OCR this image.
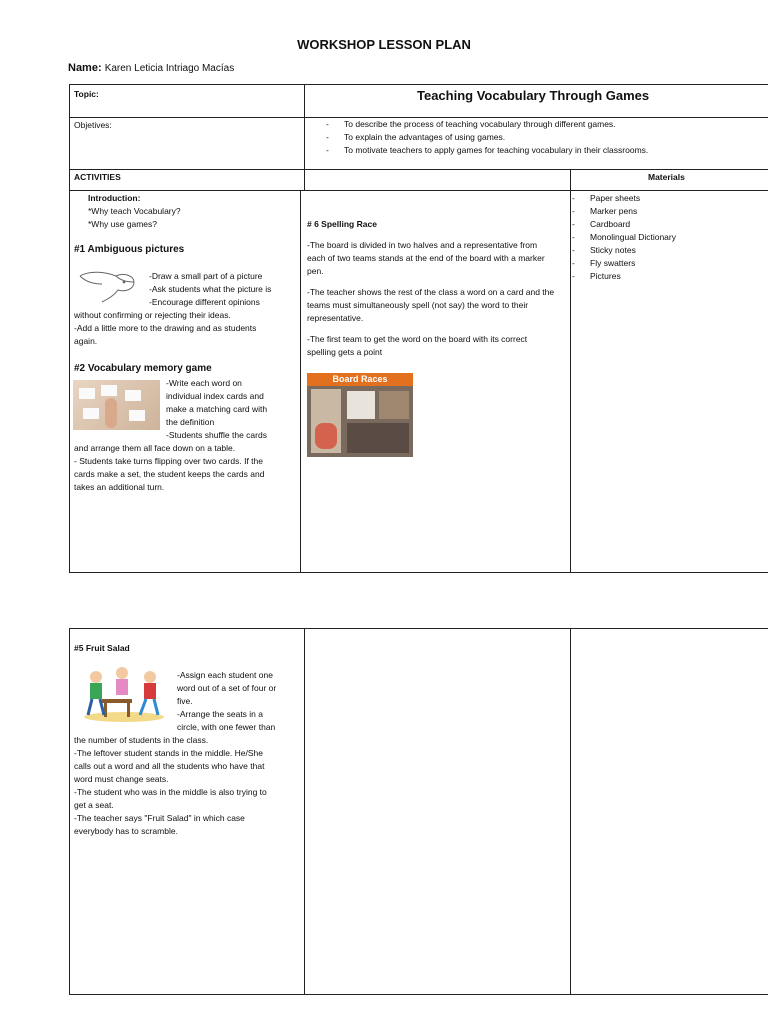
WORKSHOP LESSON PLAN
Name: Karen Leticia Intriago Macías
Topic:	Teaching Vocabulary Through Games
Objetives:
-	To describe the process of teaching vocabulary through different games.
- To explain the advantages of using games.
- To motivate teachers to apply games for teaching vocabulary in their classrooms.
ACTIVITIES	Materials
Introduction:
*Why teach Vocabulary?
*Why use games?
#1 Ambiguous pictures
-Draw a small part of a picture
-Ask students what the picture is
-Encourage different opinions
without confirming or rejecting their ideas.
-Add a little more to the drawing and as students
again.
#2 Vocabulary memory game
-Write each word on
individual index cards and
make a matching card with
the definition
-Students shuffle the cards
and arrange them all face down on a table.
- Students take turns flipping over two cards. If the
cards make a set, the student keeps the cards and
takes an additional turn.
# 6 Spelling Race

-The board is divided in two halves and a representative from each of two teams stands at the end of the board with a marker pen.

-The teacher shows the rest of the class a word on a card and the teams must simultaneously spell (not say) the word to their representative.

-The first team to get the word on the board with its correct spelling gets a point

Board Races
- Paper sheets
- Marker pens
- Cardboard
- Monolingual Dictionary
- Sticky notes
- Fly swatters
- Pictures
#5 Fruit Salad
-Assign each student one
word out of a set of four or
five.
-Arrange the seats in a
circle, with one fewer than
the number of students in the class.
-The leftover student stands in the middle. He/She
calls out a word and all the students who have that
word must change seats.
-The student who was in the middle is also trying to
get a seat.
-The teacher says "Fruit Salad" in which case
everybody has to scramble.
